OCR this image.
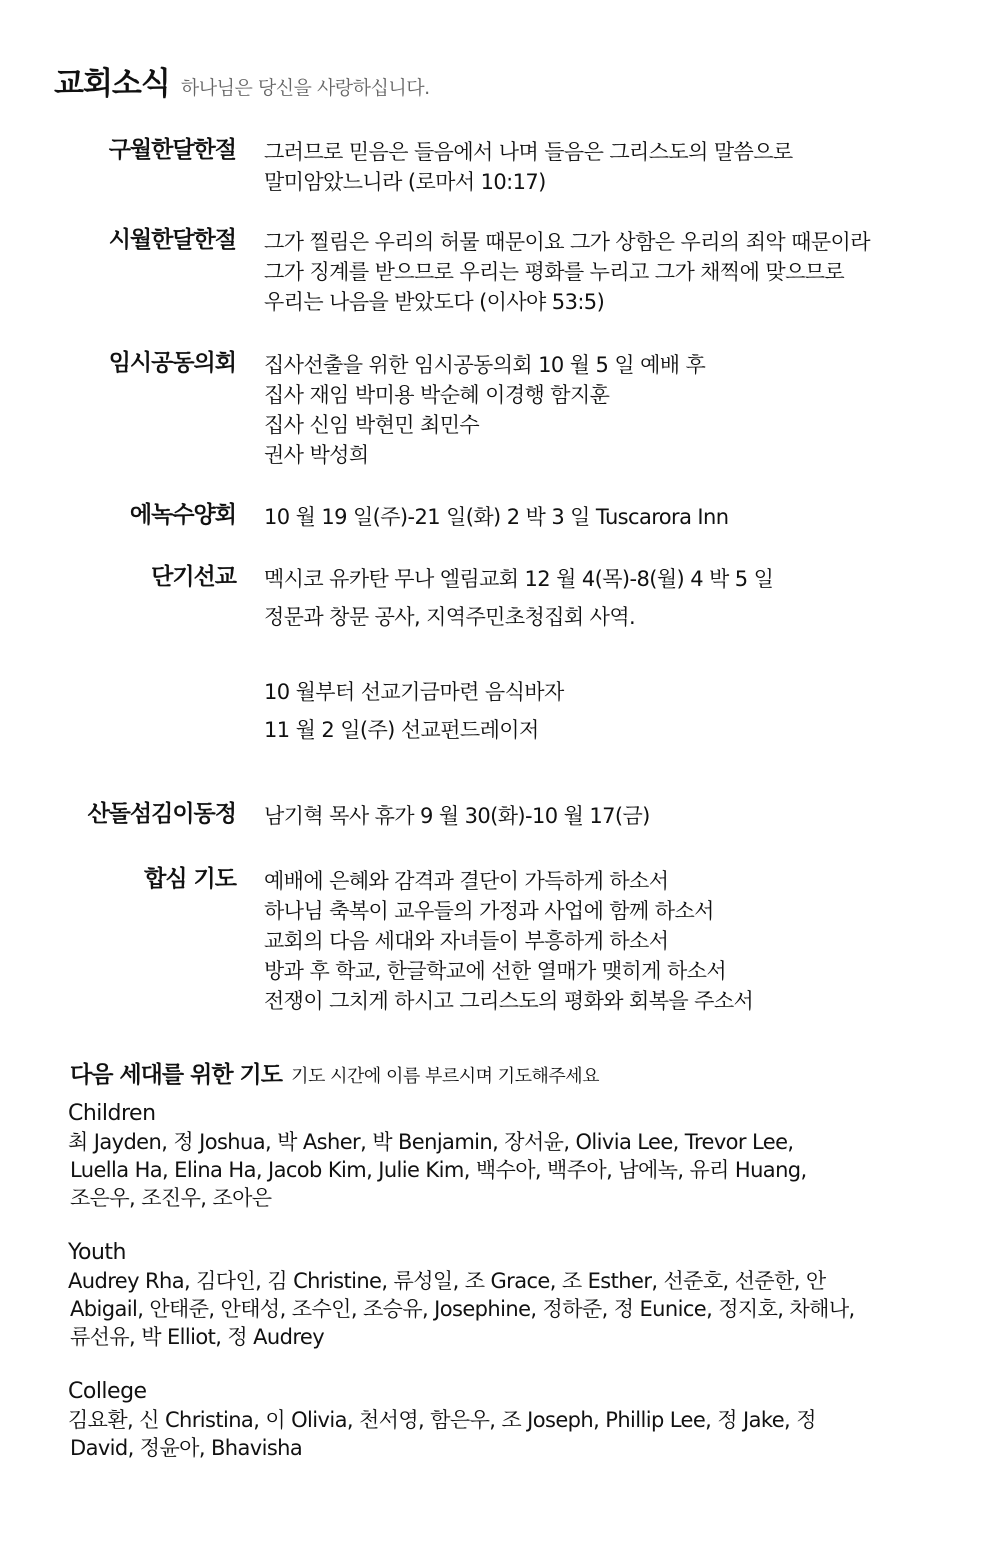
교회소식 하나님은 당신을 사랑하십니다.
구월한달한절 그러므로 믿음은 들음에서 나며 들음은 그리스도의 말씀으로
말미암았느니라 (로마서 10:17)
시월한달한절 그가 찔림은 우리의 허물 때문이요 그가 상함은 우리의 죄악 때문이라
그가 징계를 받으므로 우리는 평화를 누리고 그가 채찍에 맞으므로
우리는 나음을 받았도다 (이사야 53:5)
임시공동의회 집사선출을 위한 임시공동의회 10 월 5 일 예배 후
집사 재임 박미용 박순혜 이경행 함지훈
집사 신임 박현민 최민수
권사 박성희
에녹수양회 10 월 19 일(주)-21 일(화) 2 박 3 일 Tuscarora Inn
단기선교 멕시코 유카탄 무나 엘림교회 12 월 4(목)-8(월) 4 박 5 일
정문과 창문 공사, 지역주민초청집회 사역.
10 월부터 선교기금마련 음식바자
11 월 2 일(주) 선교펀드레이저
산돌섬김이동정 남기혁 목사 휴가 9 월 30(화)-10 월 17(금)
합심 기도 예배에 은혜와 감격과 결단이 가득하게 하소서
하나님 축복이 교우들의 가정과 사업에 함께 하소서
교회의 다음 세대와 자녀들이 부흥하게 하소서
방과 후 학교, 한글학교에 선한 열매가 맺히게 하소서
전쟁이 그치게 하시고 그리스도의 평화와 회복을 주소서
다음 세대를 위한 기도 기도 시간에 이름 부르시며 기도해주세요
Children
최 Jayden, 정 Joshua, 박 Asher, 박 Benjamin, 장서윤, Olivia Lee, Trevor Lee,
Luella Ha, Elina Ha, Jacob Kim, Julie Kim, 백수아, 백주아, 남에녹, 유리 Huang,
조은우, 조진우, 조아은
Youth
Audrey Rha, 김다인, 김 Christine, 류성일, 조 Grace, 조 Esther, 선준호, 선준한, 안
Abigail, 안태준, 안태성, 조수인, 조승유, Josephine, 정하준, 정 Eunice, 정지호, 차해나,
류선유, 박 Elliot, 정 Audrey
College
김요환, 신 Christina, 이 Olivia, 천서영, 함은우, 조 Joseph, Phillip Lee, 정 Jake, 정
David, 정윤아, Bhavisha
